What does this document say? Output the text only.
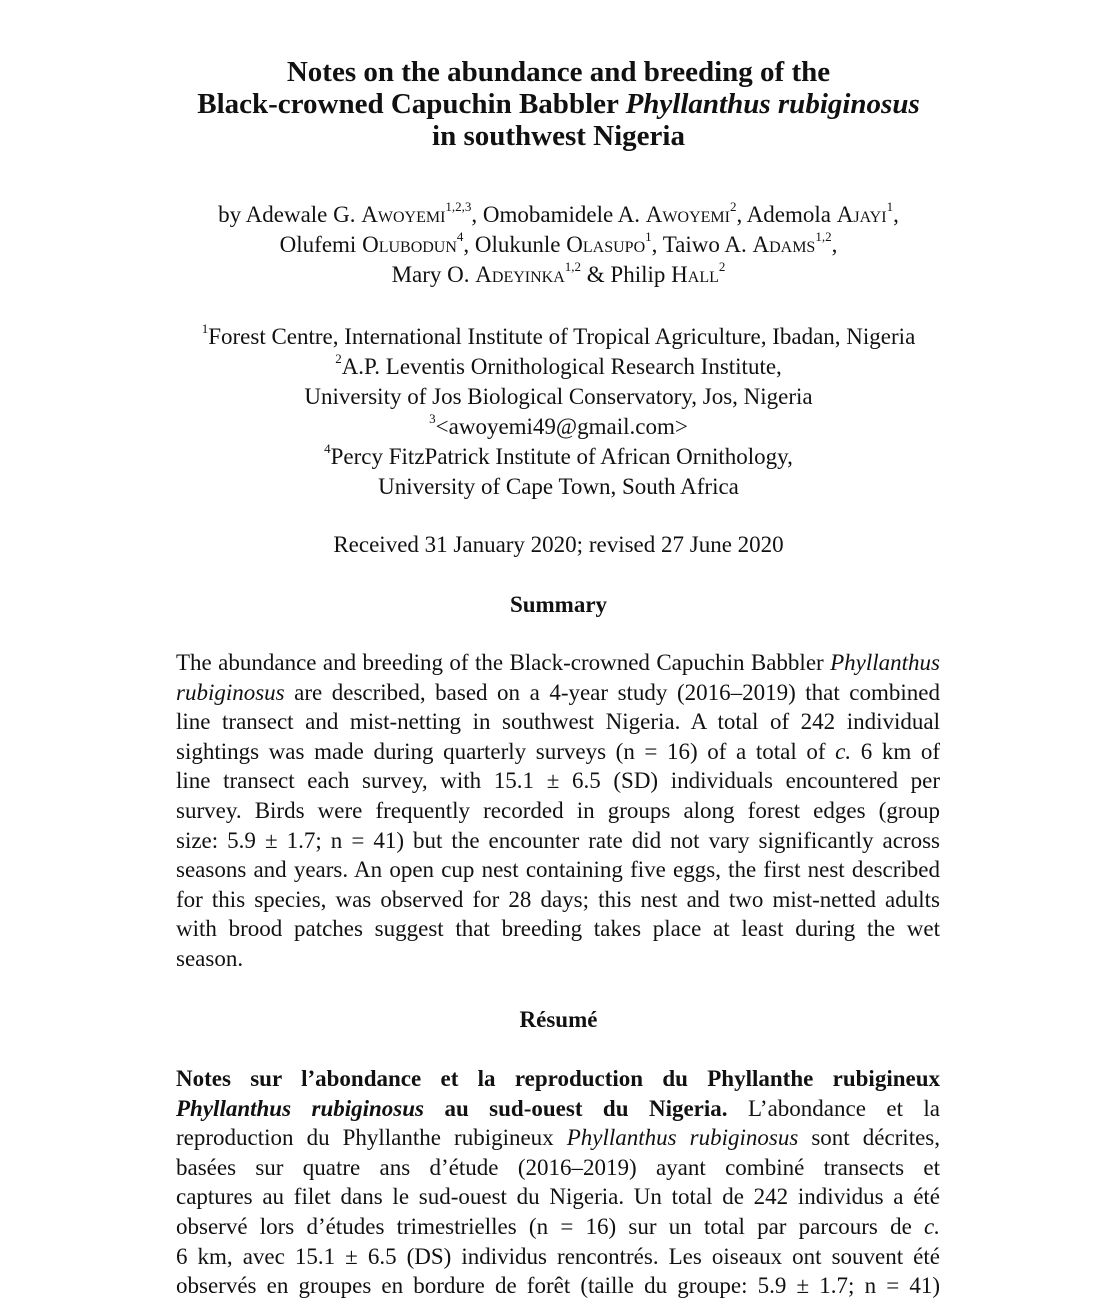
Notes on the abundance and breeding of the
Black-crowned Capuchin Babbler Phyllanthus rubiginosus
in southwest Nigeria
by Adewale G. Awoyemi$^{1,2,3}$, Omobamidele A. Awoyemi$^2$, Ademola Ajayi$^1$,
Olufemi Olubodun$^4$, Olukunle Olasupo$^1$, Taiwo A. Adams$^{1,2}$,
Mary O. Adeyinka$^{1,2}$ & Philip Hall$^2$
$^1$Forest Centre, International Institute of Tropical Agriculture, Ibadan, Nigeria
$^2$A.P. Leventis Ornithological Research Institute,
University of Jos Biological Conservatory, Jos, Nigeria
$^3$<awoyemi49@gmail.com>
$^4$Percy FitzPatrick Institute of African Ornithology,
University of Cape Town, South Africa
Received 31 January 2020; revised 27 June 2020
Summary
The abundance and breeding of the Black-crowned Capuchin Babbler Phyllanthus
rubiginosus are described, based on a 4-year study (2016–2019) that combined
line transect and mist-netting in southwest Nigeria. A total of 242 individual
sightings was made during quarterly surveys (n = 16) of a total of c. 6 km of
line transect each survey, with 15.1 ± 6.5 (SD) individuals encountered per
survey. Birds were frequently recorded in groups along forest edges (group
size: 5.9 ± 1.7; n = 41) but the encounter rate did not vary significantly across
seasons and years. An open cup nest containing five eggs, the first nest described
for this species, was observed for 28 days; this nest and two mist-netted adults
with brood patches suggest that breeding takes place at least during the wet
season.
Résumé
Notes sur l’abondance et la reproduction du Phyllanthe rubigineux
Phyllanthus rubiginosus au sud-ouest du Nigeria. L’abondance et la
reproduction du Phyllanthe rubigineux Phyllanthus rubiginosus sont décrites,
basées sur quatre ans d’étude (2016–2019) ayant combiné transects et
captures au filet dans le sud-ouest du Nigeria. Un total de 242 individus a été
observé lors d’études trimestrielles (n = 16) sur un total par parcours de c.
6 km, avec 15.1 ± 6.5 (DS) individus rencontrés. Les oiseaux ont souvent été
observés en groupes en bordure de forêt (taille du groupe: 5.9 ± 1.7; n = 41)
